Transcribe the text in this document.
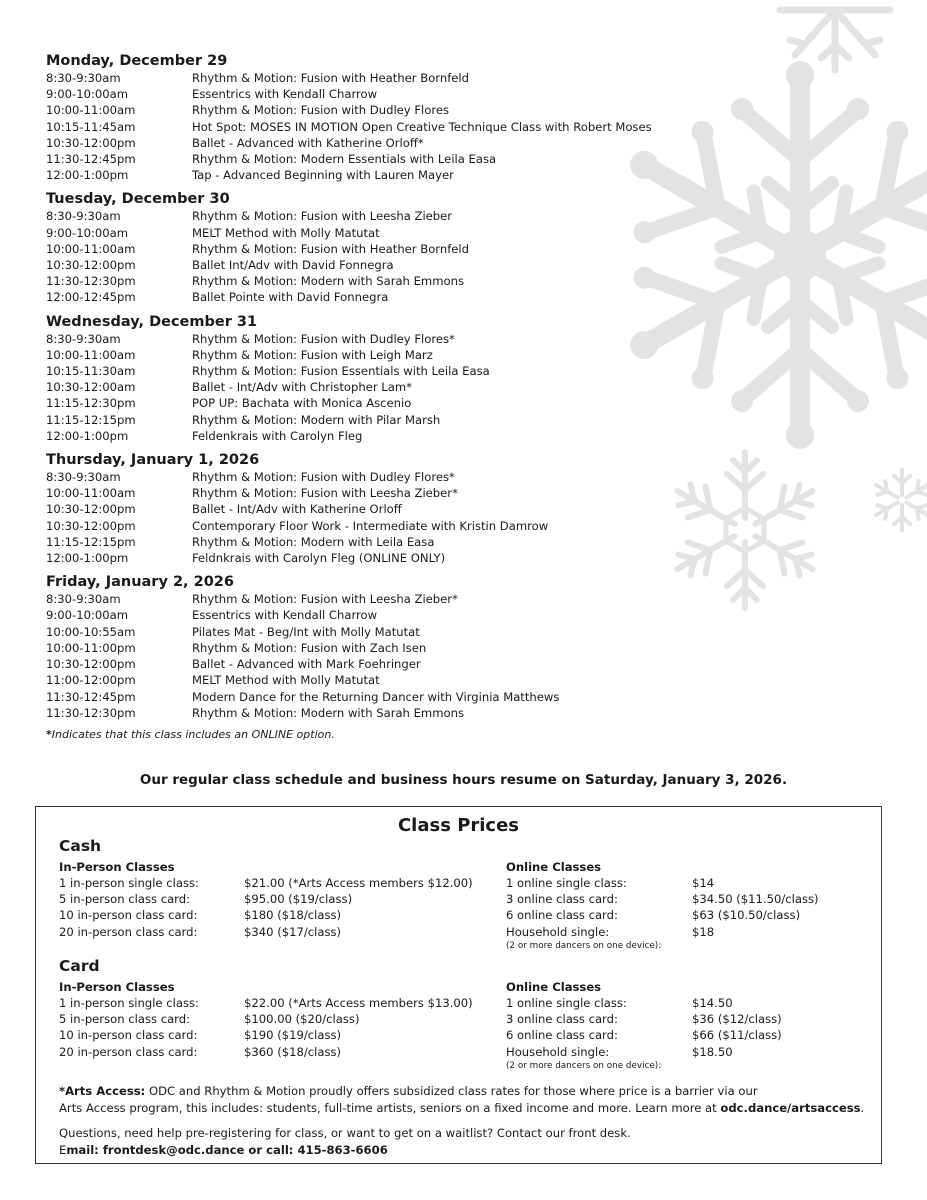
Monday, December 29
8:30-9:30am	Rhythm & Motion: Fusion with Heather Bornfeld
9:00-10:00am	Essentrics with Kendall Charrow
10:00-11:00am	Rhythm & Motion: Fusion with Dudley Flores
10:15-11:45am	Hot Spot: MOSES IN MOTION Open Creative Technique Class with Robert Moses
10:30-12:00pm	Ballet - Advanced with Katherine Orloff*
11:30-12:45pm	Rhythm & Motion: Modern Essentials with Leila Easa
12:00-1:00pm	Tap - Advanced Beginning with Lauren Mayer
Tuesday, December 30
8:30-9:30am	Rhythm & Motion: Fusion with Leesha Zieber
9:00-10:00am	MELT Method with Molly Matutat
10:00-11:00am	Rhythm & Motion: Fusion with Heather Bornfeld
10:30-12:00pm	Ballet Int/Adv with David Fonnegra
11:30-12:30pm	Rhythm & Motion: Modern with Sarah Emmons
12:00-12:45pm	Ballet Pointe with David Fonnegra
Wednesday, December 31
8:30-9:30am	Rhythm & Motion: Fusion with Dudley Flores*
10:00-11:00am	Rhythm & Motion: Fusion with Leigh Marz
10:15-11:30am	Rhythm & Motion: Fusion Essentials with Leila Easa
10:30-12:00am	Ballet - Int/Adv with Christopher Lam*
11:15-12:30pm	POP UP: Bachata with Monica Ascenio
11:15-12:15pm	Rhythm & Motion: Modern with Pilar Marsh
12:00-1:00pm	Feldenkrais with Carolyn Fleg
Thursday, January 1, 2026
8:30-9:30am	Rhythm & Motion: Fusion with Dudley Flores*
10:00-11:00am	Rhythm & Motion: Fusion with Leesha Zieber*
10:30-12:00pm	Ballet - Int/Adv with Katherine Orloff
10:30-12:00pm	Contemporary Floor Work - Intermediate with Kristin Damrow
11:15-12:15pm	Rhythm & Motion: Modern with Leila Easa
12:00-1:00pm	Feldnkrais with Carolyn Fleg (ONLINE ONLY)
Friday, January 2, 2026
8:30-9:30am	Rhythm & Motion: Fusion with Leesha Zieber*
9:00-10:00am	Essentrics with Kendall Charrow
10:00-10:55am	Pilates Mat - Beg/Int with Molly Matutat
10:00-11:00pm	Rhythm & Motion: Fusion with Zach Isen
10:30-12:00pm	Ballet - Advanced with Mark Foehringer
11:00-12:00pm	MELT Method with Molly Matutat
11:30-12:45pm	Modern Dance for the Returning Dancer with Virginia Matthews
11:30-12:30pm	Rhythm & Motion: Modern with Sarah Emmons
*Indicates that this class includes an ONLINE option.
Our regular class schedule and business hours resume on Saturday, January 3, 2026.
Class Prices
Cash
In-Person Classes
1 in-person single class:	$21.00 (*Arts Access members $12.00)
5 in-person class card:	$95.00 ($19/class)
10 in-person class card:	$180 ($18/class)
20 in-person class card:	$340 ($17/class)
Online Classes
1 online single class:	$14
3 online class card:	$34.50 ($11.50/class)
6 online class card:	$63 ($10.50/class)
Household single:	$18
(2 or more dancers on one device):
Card
In-Person Classes
1 in-person single class:	$22.00 (*Arts Access members $13.00)
5 in-person class card:	$100.00 ($20/class)
10 in-person class card:	$190 ($19/class)
20 in-person class card:	$360 ($18/class)
Online Classes
1 online single class:	$14.50
3 online class card:	$36 ($12/class)
6 online class card:	$66 ($11/class)
Household single:	$18.50
(2 or more dancers on one device):
*Arts Access: ODC and Rhythm & Motion proudly offers subsidized class rates for those where price is a barrier via our
Arts Access program, this includes: students, full-time artists, seniors on a fixed income and more. Learn more at odc.dance/artsaccess.
Questions, need help pre-registering for class, or want to get on a waitlist? Contact our front desk.
Email: frontdesk@odc.dance or call: 415-863-6606
